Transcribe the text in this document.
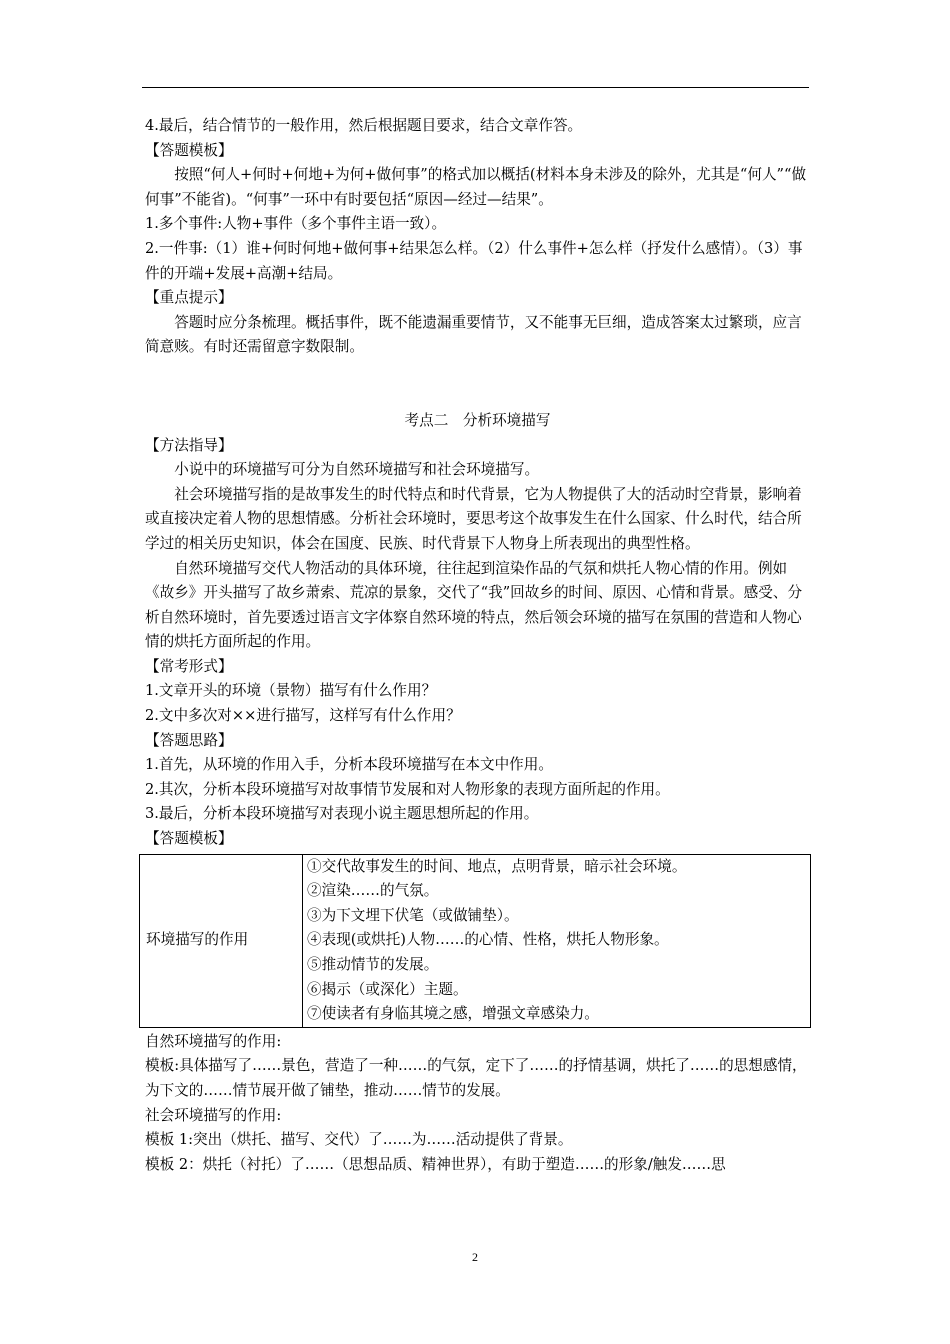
4.最后，结合情节的一般作用，然后根据题目要求，结合文章作答。

【答题模板】

按照“何人+何时+何地+为何+做何事”的格式加以概括(材料本身未涉及的除外，尤其是“何人”“做何事”不能省)。“何事”一环中有时要包括“原因—经过—结果”。

1.多个事件:人物+事件（多个事件主语一致）。

2.一件事:（1）谁+何时何地+做何事+结果怎么样。（2）什么事件+怎么样（抒发什么感情）。（3）事件的开端+发展+高潮+结局。

【重点提示】

答题时应分条梳理。概括事件，既不能遗漏重要情节，又不能事无巨细，造成答案太过繁琐，应言简意赅。有时还需留意字数限制。

考点二　分析环境描写

【方法指导】

小说中的环境描写可分为自然环境描写和社会环境描写。

社会环境描写指的是故事发生的时代特点和时代背景，它为人物提供了大的活动时空背景，影响着或直接决定着人物的思想情感。分析社会环境时，要思考这个故事发生在什么国家、什么时代，结合所学过的相关历史知识，体会在国度、民族、时代背景下人物身上所表现出的典型性格。

自然环境描写交代人物活动的具体环境，往往起到渲染作品的气氛和烘托人物心情的作用。例如《故乡》开头描写了故乡萧索、荒凉的景象，交代了“我”回故乡的时间、原因、心情和背景。感受、分析自然环境时，首先要透过语言文字体察自然环境的特点，然后领会环境的描写在氛围的营造和人物心情的烘托方面所起的作用。

【常考形式】

1.文章开头的环境（景物）描写有什么作用？

2.文中多次对××进行描写，这样写有什么作用？

【答题思路】

1.首先，从环境的作用入手，分析本段环境描写在本文中作用。

2.其次，分析本段环境描写对故事情节发展和对人物形象的表现方面所起的作用。

3.最后，分析本段环境描写对表现小说主题思想所起的作用。

【答题模板】

环境描写的作用	

①交代故事发生的时间、地点，点明背景，暗示社会环境。

②渲染……的气氛。

③为下文埋下伏笔（或做铺垫）。

④表现(或烘托)人物……的心情、性格，烘托人物形象。

⑤推动情节的发展。

⑥揭示（或深化）主题。

⑦使读者有身临其境之感，增强文章感染力。

自然环境描写的作用:

模板:具体描写了……景色，营造了一种……的气氛，定下了……的抒情基调，烘托了……的思想感情，为下文的……情节展开做了铺垫，推动……情节的发展。

社会环境描写的作用:

模板 1:突出（烘托、描写、交代）了……为……活动提供了背景。

模板 2：烘托（衬托）了……（思想品质、精神世界），有助于塑造……的形象/触发……思

2
